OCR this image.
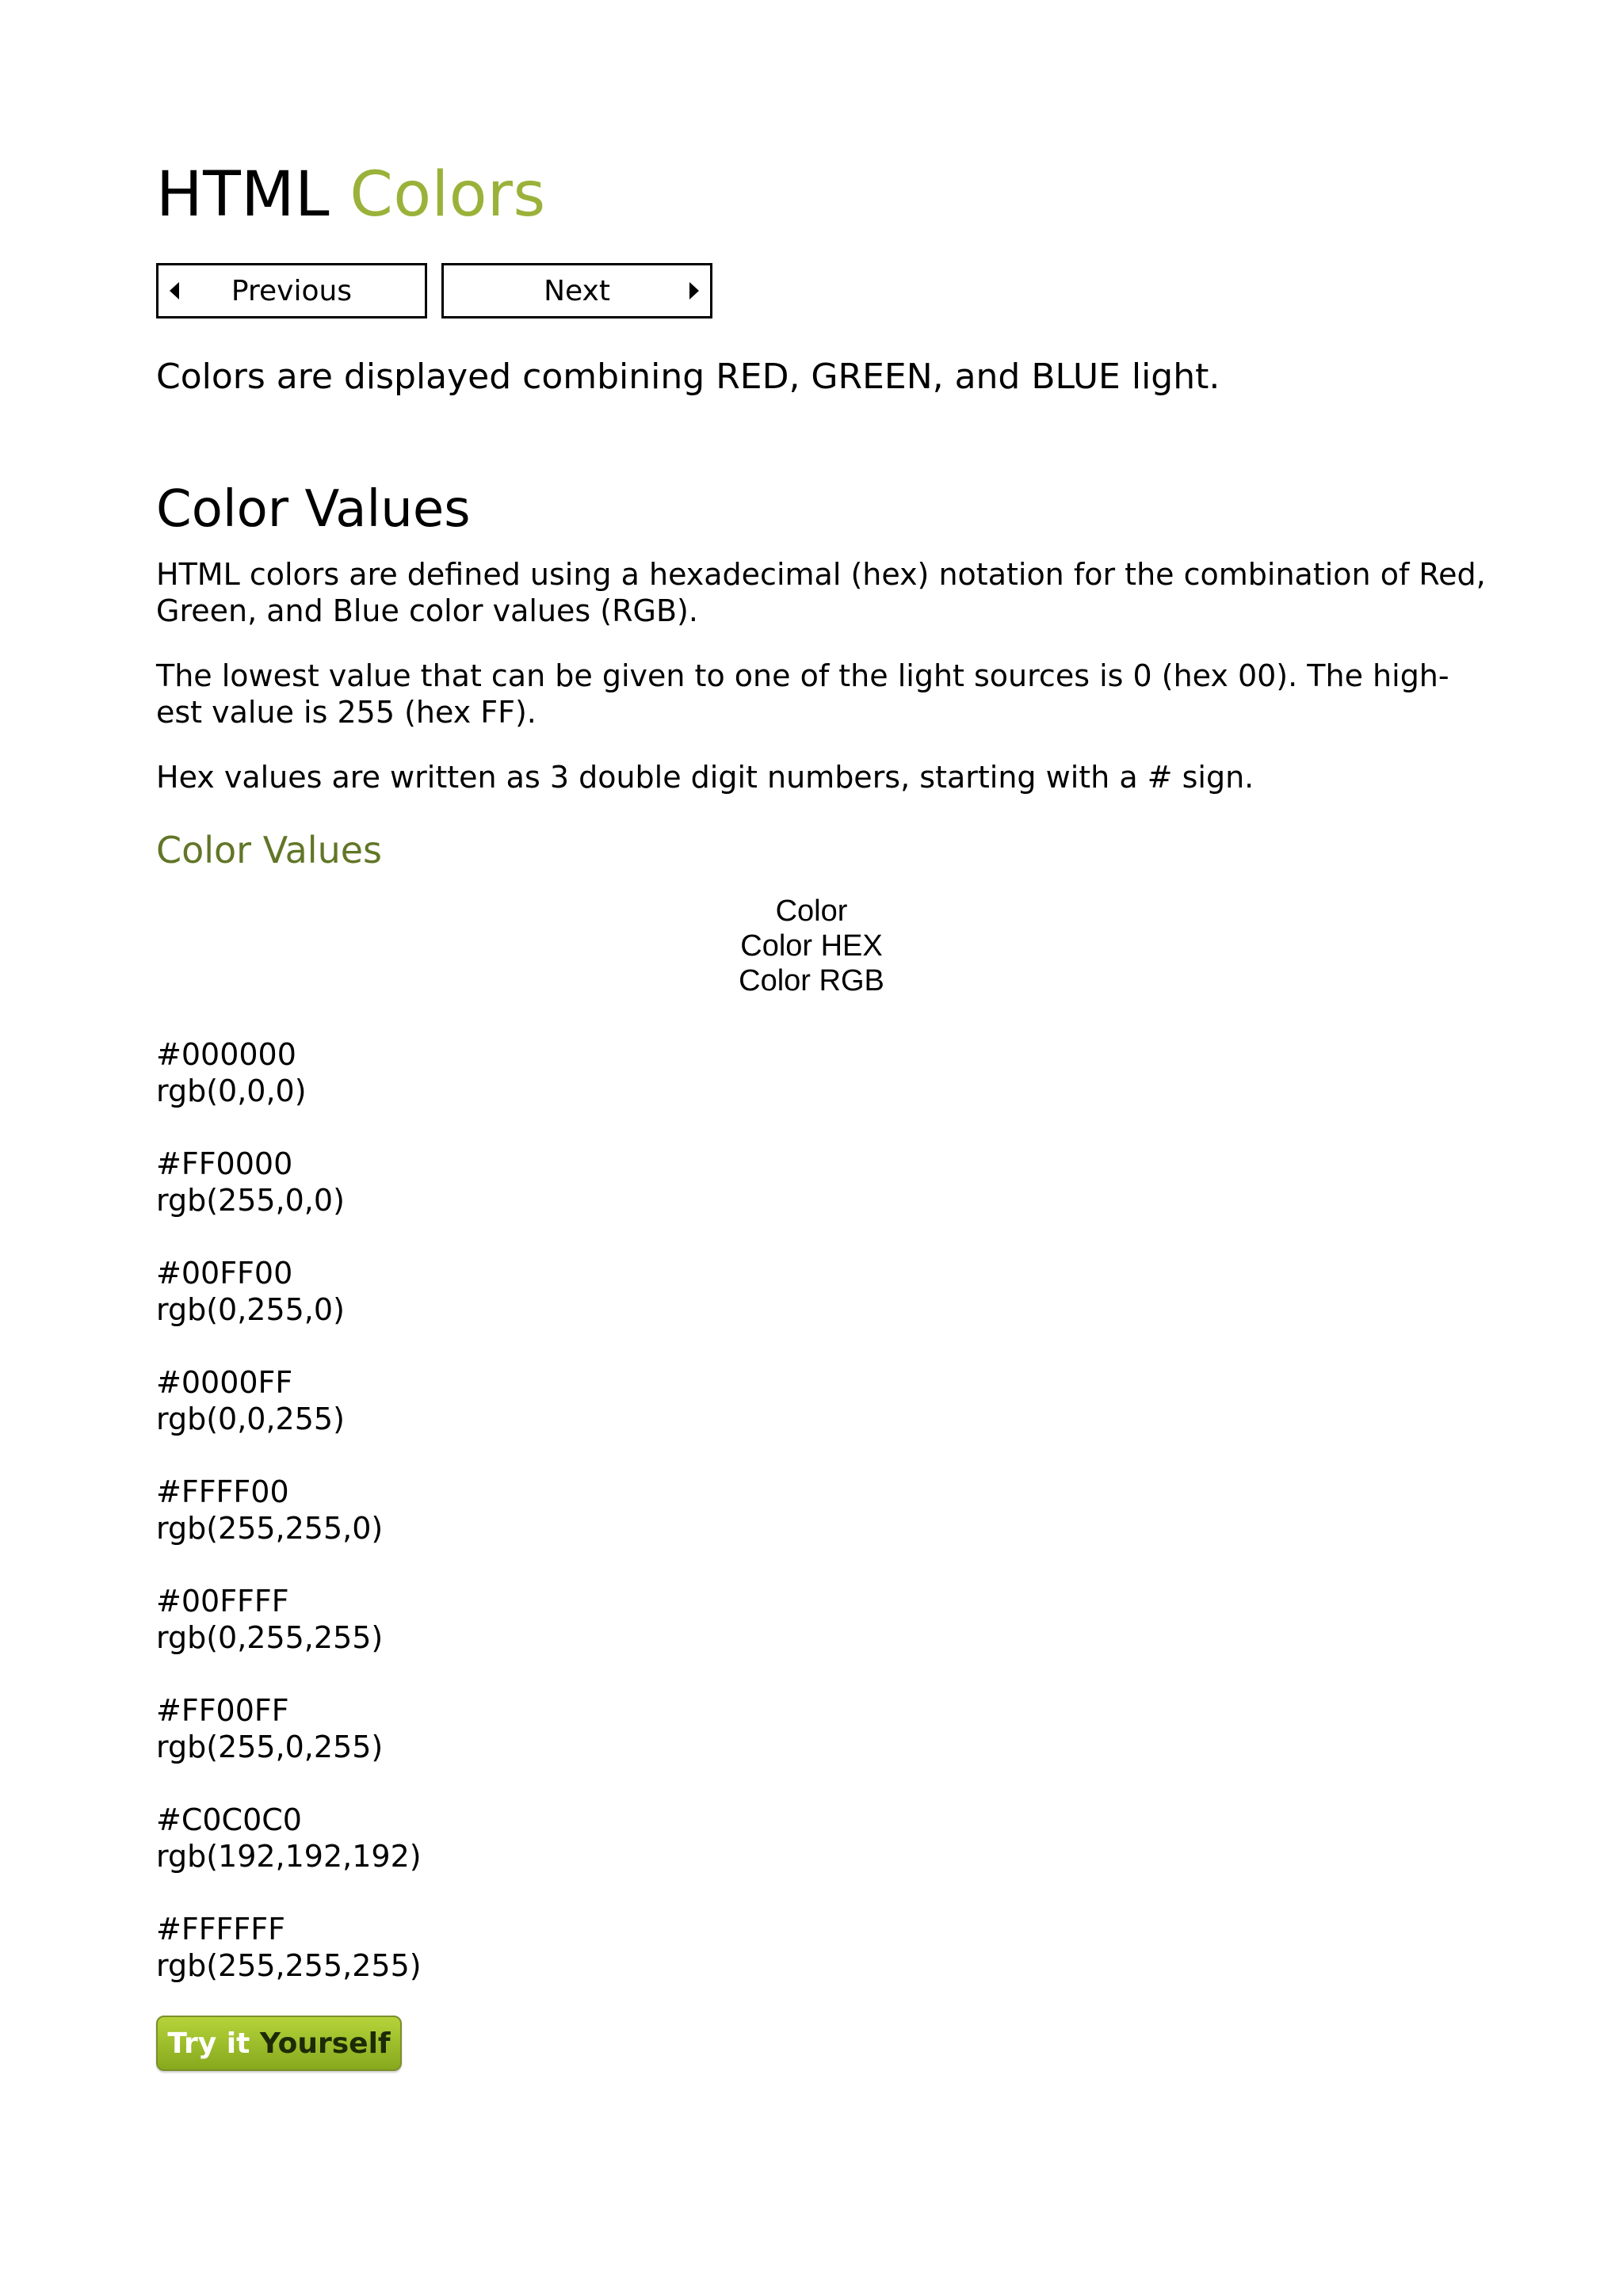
HTML Colors
Previous	Next

Colors are displayed combining RED, GREEN, and BLUE light.

Color Values

HTML colors are defined using a hexadecimal (hex) notation for the combination of Red, Green, and Blue color values (RGB).

The lowest value that can be given to one of the light sources is 0 (hex 00). The high-est value is 255 (hex FF).

Hex values are written as 3 double digit numbers, starting with a # sign.

Color Values
Color
Color HEX
Color RGB
#000000
rgb(0,0,0)
#FF0000
rgb(255,0,0)
#00FF00
rgb(0,255,0)
#0000FF
rgb(0,0,255)
#FFFF00
rgb(255,255,0)
#00FFFF
rgb(0,255,255)
#FF00FF
rgb(255,0,255)
#C0C0C0
rgb(192,192,192)
#FFFFFF
rgb(255,255,255)
Try it
Yourself
